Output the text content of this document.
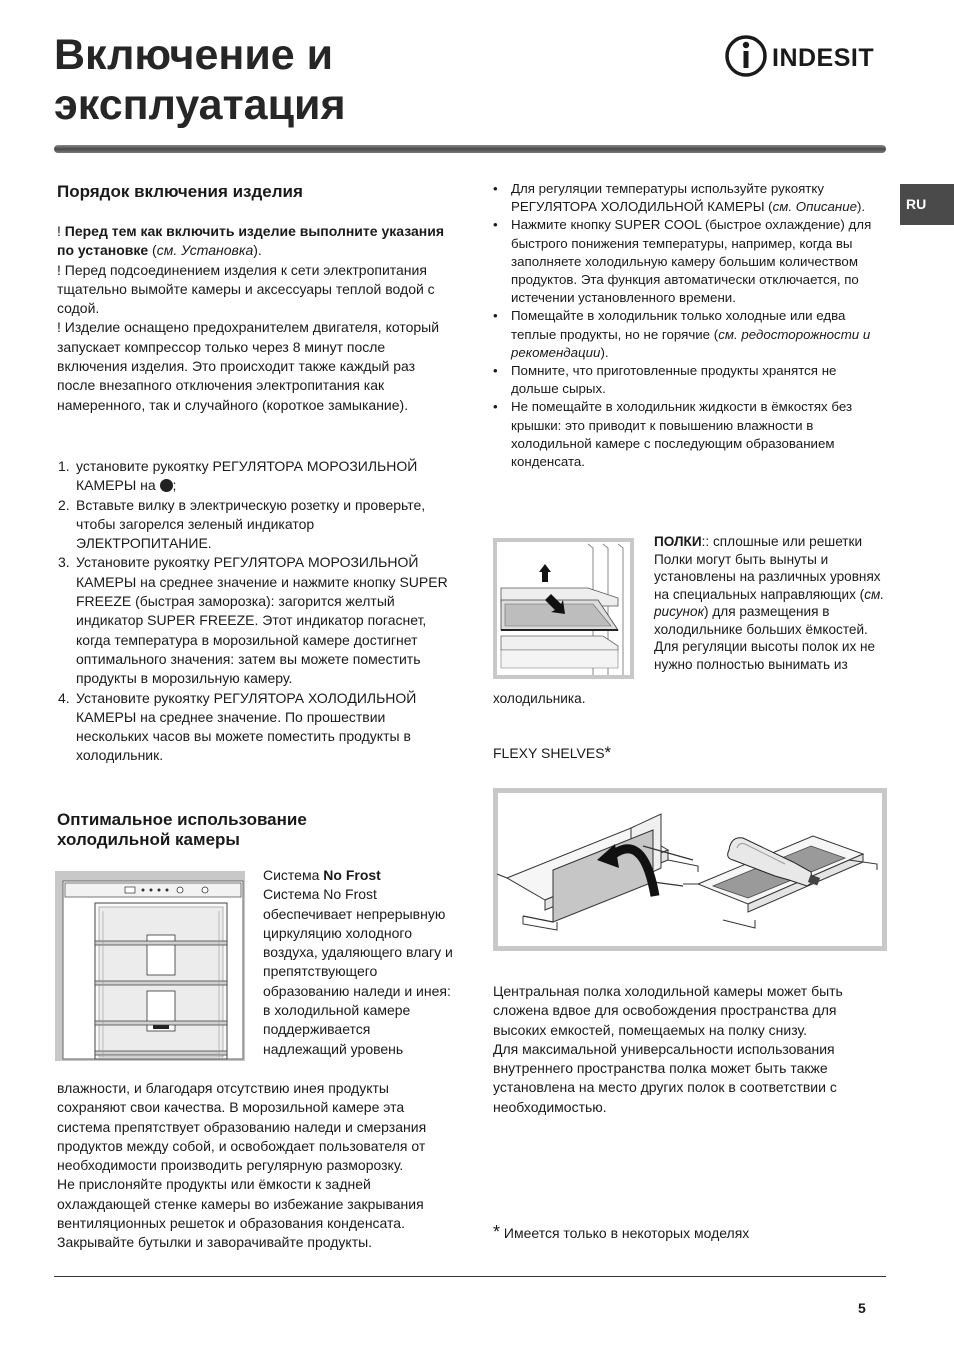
Включение и
эксплуатация
INDESIT
RU
Порядок включения изделия
! Перед тем как включить изделие выполните указания по установке (см. Установка).
! Перед подсоединением изделия к сети электропитания тщательно вымойте камеры и аксессуары теплой водой с содой.
! Изделие оснащено предохранителем двигателя, который запускает компрессор только через 8 минут после включения изделия. Это происходит также каждый раз после внезапного отключения электропитания как намеренного, так и случайного (короткое замыкание).
1. установите рукоятку РЕГУЛЯТОРА МОРОЗИЛЬНОЙ КАМЕРЫ на ;
2. Вставьте вилку в электрическую розетку и проверьте, чтобы загорелся зеленый индикатор ЭЛЕКТРОПИТАНИЕ.
3. Установите рукоятку РЕГУЛЯТОРА МОРОЗИЛЬНОЙ КАМЕРЫ на среднее значение и нажмите кнопку SUPER FREEZE (быстрая заморозка): загорится желтый индикатор SUPER FREEZE. Этот индикатор погаснет, когда температура в морозильной камере достигнет оптимального значения: затем вы можете поместить продукты в морозильную камеру.
4. Установите рукоятку РЕГУЛЯТОРА ХОЛОДИЛЬНОЙ КАМЕРЫ на среднее значение. По прошествии нескольких часов вы можете поместить продукты в холодильник.
Оптимальное использование
холодильной камеры
Система No Frost
Система No Frost обеспечивает непрерывную циркуляцию холодного воздуха, удаляющего влагу и препятствующего образованию наледи и инея: в холодильной камере поддерживается надлежащий уровень
влажности, и благодаря отсутствию инея продукты сохраняют свои качества. В морозильной камере эта система препятствует образованию наледи и смерзания продуктов между собой, и освобождает пользователя от необходимости производить регулярную разморозку.
Не прислоняйте продукты или ёмкости к задней охлаждающей стенке камеры во избежание закрывания вентиляционных решеток и образования конденсата. Закрывайте бутылки и заворачивайте продукты.
• Для регуляции температуры используйте рукоятку РЕГУЛЯТОРА ХОЛОДИЛЬНОЙ КАМЕРЫ (см. Описание).
• Нажмите кнопку SUPER COOL (быстрое охлаждение) для быстрого понижения температуры, например, когда вы заполняете холодильную камеру большим количеством продуктов. Эта функция автоматически отключается, по истечении установленного времени.
• Помещайте в холодильник только холодные или едва теплые продукты, но не горячие (см. редосторожности и рекомендации).
• Помните, что приготовленные продукты хранятся не дольше сырых.
• Не помещайте в холодильник жидкости в ёмкостях без крышки: это приводит к повышению влажности в холодильной камере с последующим образованием конденсата.
ПОЛКИ:: сплошные или решетки Полки могут быть вынуты и установлены на различных уровнях на специальных направляющих (см. рисунок) для размещения в холодильнике больших ёмкостей. Для регуляции высоты полок их не нужно полностью вынимать из
холодильника.
FLEXY SHELVES*
Центральная полка холодильной камеры может быть сложена вдвое для освобождения пространства для высоких емкостей, помещаемых на полку снизу.
Для максимальной универсальности использования внутреннего пространства полка может быть также установлена на место других полок в соответствии с необходимостью.
* Имеется только в некоторых моделях
5
